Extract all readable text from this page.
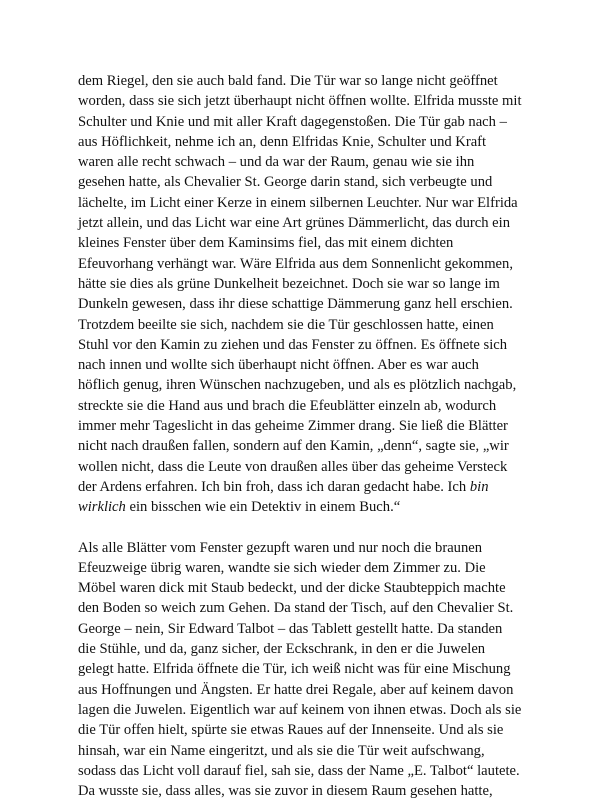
dem Riegel, den sie auch bald fand. Die Tür war so lange nicht geöffnet
worden, dass sie sich jetzt überhaupt nicht öffnen wollte. Elfrida musste mit
Schulter und Knie und mit aller Kraft dagegenstoßen. Die Tür gab nach –
aus Höflichkeit, nehme ich an, denn Elfridas Knie, Schulter und Kraft
waren alle recht schwach – und da war der Raum, genau wie sie ihn
gesehen hatte, als Chevalier St. George darin stand, sich verbeugte und
lächelte, im Licht einer Kerze in einem silbernen Leuchter. Nur war Elfrida
jetzt allein, und das Licht war eine Art grünes Dämmerlicht, das durch ein
kleines Fenster über dem Kaminsims fiel, das mit einem dichten
Efeuvorhang verhängt war. Wäre Elfrida aus dem Sonnenlicht gekommen,
hätte sie dies als grüne Dunkelheit bezeichnet. Doch sie war so lange im
Dunkeln gewesen, dass ihr diese schattige Dämmerung ganz hell erschien.
Trotzdem beeilte sie sich, nachdem sie die Tür geschlossen hatte, einen
Stuhl vor den Kamin zu ziehen und das Fenster zu öffnen. Es öffnete sich
nach innen und wollte sich überhaupt nicht öffnen. Aber es war auch
höflich genug, ihren Wünschen nachzugeben, und als es plötzlich nachgab,
streckte sie die Hand aus und brach die Efeublätter einzeln ab, wodurch
immer mehr Tageslicht in das geheime Zimmer drang. Sie ließ die Blätter
nicht nach draußen fallen, sondern auf den Kamin, „denn“, sagte sie, „wir
wollen nicht, dass die Leute von draußen alles über das geheime Versteck
der Ardens erfahren. Ich bin froh, dass ich daran gedacht habe. Ich bin
wirklich ein bisschen wie ein Detektiv in einem Buch.“

Als alle Blätter vom Fenster gezupft waren und nur noch die braunen
Efeuzweige übrig waren, wandte sie sich wieder dem Zimmer zu. Die
Möbel waren dick mit Staub bedeckt, und der dicke Staubteppich machte
den Boden so weich zum Gehen. Da stand der Tisch, auf den Chevalier St.
George – nein, Sir Edward Talbot – das Tablett gestellt hatte. Da standen
die Stühle, und da, ganz sicher, der Eckschrank, in den er die Juwelen
gelegt hatte. Elfrida öffnete die Tür, ich weiß nicht was für eine Mischung
aus Hoffnungen und Ängsten. Er hatte drei Regale, aber auf keinem davon
lagen die Juwelen. Eigentlich war auf keinem von ihnen etwas. Doch als sie
die Tür offen hielt, spürte sie etwas Raues auf der Innenseite. Und als sie
hinsah, war ein Name eingeritzt, und als sie die Tür weit aufschwang,
sodass das Licht voll darauf fiel, sah sie, dass der Name „E. Talbot“ lautete.
Da wusste sie, dass alles, was sie zuvor in diesem Raum gesehen hatte,
